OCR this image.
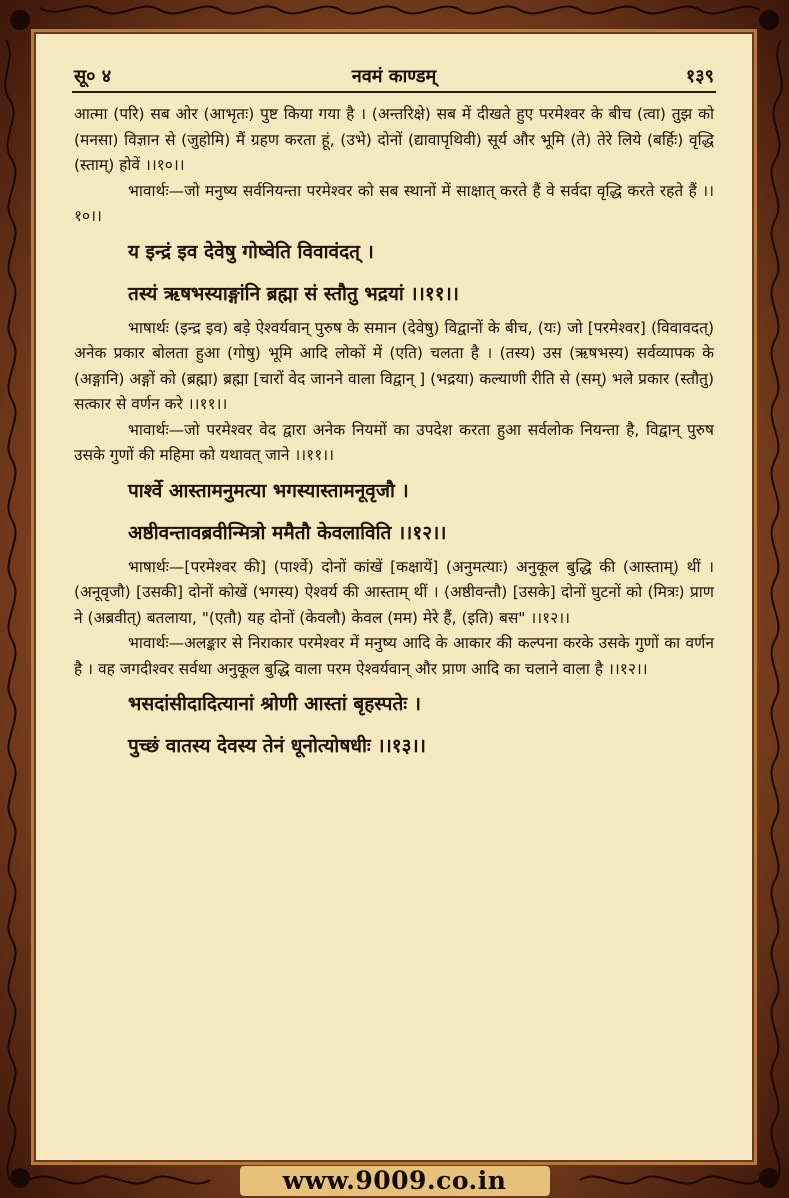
www.9009.co.in
सू० ४	नवमं काण्डम्	१३९

आत्मा (परि) सब ओर (आभृतः) पुष्ट किया गया है । (अन्तरिक्षे) सब में दीखते हुए परमेश्वर के बीच (त्वा) तुझ को (मनसा) विज्ञान से (जुहोमि) मैं ग्रहण करता हूं, (उभे) दोनों (द्यावापृथिवी) सूर्य और भूमि (ते) तेरे लिये (बर्हिः) वृद्धि (स्ताम्) होवें ।।१०।।

भावार्थः—जो मनुष्य सर्वनियन्ता परमेश्वर को सब स्थानों में साक्षात् करते हैं वे सर्वदा वृद्धि करते रहते हैं ।।१०।।

य इन्द्रं इव देवेषु गोष्वेति विवावंदत् ।
तस्यं ऋषभस्याङ्गांनि ब्रह्मा सं स्तौतु भद्रयां ।।११।।

भाषार्थः (इन्द्र इव) बड़े ऐश्वर्यवान् पुरुष के समान (देवेषु) विद्वानों के बीच, (यः) जो [परमेश्वर] (विवावदत्) अनेक प्रकार बोलता हुआ (गोषु) भूमि आदि लोकों में (एति) चलता है । (तस्य) उस (ऋषभस्य) सर्वव्यापक के (अङ्गानि) अङ्गों को (ब्रह्मा) ब्रह्मा [चारों वेद जानने वाला विद्वान् ] (भद्रया) कल्याणी रीति से (सम्) भले प्रकार (स्तौतु) सत्कार से वर्णन करे ।।११।।

भावार्थः—जो परमेश्वर वेद द्वारा अनेक नियमों का उपदेश करता हुआ सर्वलोक नियन्ता है, विद्वान् पुरुष उसके गुणों की महिमा को यथावत् जाने ।।११।।

पार्श्वे आस्तामनुमत्या भगस्यास्तामनूवृजौ ।
अष्ठीवन्तावब्रवीन्मित्रो ममैतौ केवलाविति ।।१२।।

भाषार्थः—[परमेश्वर की] (पार्श्वे) दोनों कांखें [कक्षायें] (अनुमत्याः) अनुकूल बुद्धि की (आस्ताम्) थीं । (अनूवृजौ) [उसकी] दोनों कोखें (भगस्य) ऐश्वर्य की आस्ताम् थीं । (अष्ठीवन्तौ) [उसके] दोनों घुटनों को (मित्रः) प्राण ने (अब्रवीत्) बतलाया, "(एतौ) यह दोनों (केवलौ) केवल (मम) मेरे हैं, (इति) बस" ।।१२।।

भावार्थः—अलङ्कार से निराकार परमेश्वर में मनुष्य आदि के आकार की कल्पना करके उसके गुणों का वर्णन है । वह जगदीश्वर सर्वथा अनुकूल बुद्धि वाला परम ऐश्वर्यवान् और प्राण आदि का चलाने वाला है ।।१२।।

भसदांसीदादित्यानां श्रोणी आस्तां बृहस्पतेः ।
पुच्छं वातस्य देवस्य तेनं धूनोत्योषधीः ।।१३।।
